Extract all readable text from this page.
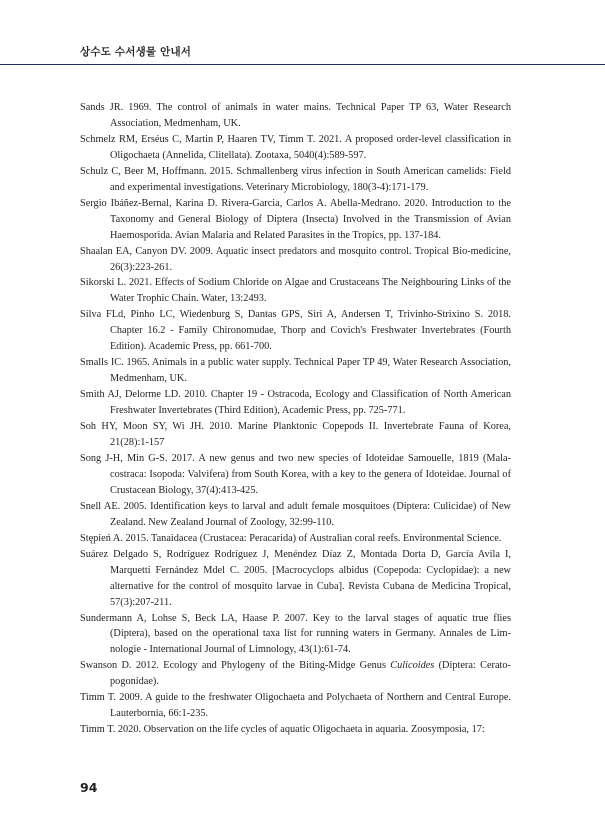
상수도 수서생물 안내서
Sands JR. 1969. The control of animals in water mains. Technical Paper TP 63, Water Research Association, Medmenham, UK.
Schmelz RM, Erséus C, Martin P, Haaren TV, Timm T. 2021. A proposed order-level classification in Oligochaeta (Annelida, Clitellata). Zootaxa, 5040(4):589-597.
Schulz C, Beer M, Hoffmann. 2015. Schmallenberg virus infection in South American camelids: Field and experimental investigations. Veterinary Microbiology, 180(3-4):171-179.
Sergio Ibáñez-Bernal, Karina D. Rivera-Garcia, Carlos A. Abella-Medrano. 2020. Introduction to the Taxonomy and General Biology of Diptera (Insecta) Involved in the Transmission of Avian Haemosporida. Avian Malaria and Related Parasites in the Tropics, pp. 137-184.
Shaalan EA, Canyon DV. 2009. Aquatic insect predators and mosquito control. Tropical Bio-medicine, 26(3):223-261.
Sikorski L. 2021. Effects of Sodium Chloride on Algae and Crustaceans The Neighbouring Links of the Water Trophic Chain. Water, 13:2493.
Silva FLd, Pinho LC, Wiedenburg S, Dantas GPS, Siri A, Andersen T, Trivinho-Strixino S. 2018. Chapter 16.2 - Family Chironomudae, Thorp and Covich's Freshwater Invertebrates (Fourth Edition). Academic Press, pp. 661-700.
Smalls IC. 1965. Animals in a public water supply. Technical Paper TP 49, Water Research Association, Medmenham, UK.
Smith AJ, Delorme LD. 2010. Chapter 19 - Ostracoda, Ecology and Classification of North American Freshwater Invertebrates (Third Edition), Academic Press, pp. 725-771.
Soh HY, Moon SY, Wi JH. 2010. Marine Planktonic Copepods II. Invertebrate Fauna of Korea, 21(28):1-157
Song J-H, Min G-S. 2017. A new genus and two new species of Idoteidae Samouelle, 1819 (Mala-costraca: Isopoda: Valvifera) from South Korea, with a key to the genera of Idoteidae. Journal of Crustacean Biology, 37(4):413-425.
Snell AE. 2005. Identification keys to larval and adult female mosquitoes (Diptera: Culicidae) of New Zealand. New Zealand Journal of Zoology, 32:99-110.
Stępień A. 2015. Tanaidacea (Crustacea: Peracarida) of Australian coral reefs. Environmental Science.
Suárez Delgado S, Rodríguez Rodríguez J, Menéndez Díaz Z, Montada Dorta D, García Avila I, Marquetti Fernández Mdel C. 2005. [Macrocyclops albidus (Copepoda: Cyclopidae): a new alternative for the control of mosquito larvae in Cuba]. Revista Cubana de Medicina Tropical, 57(3):207-211.
Sundermann A, Lohse S, Beck LA, Haase P. 2007. Key to the larval stages of aquatic true flies (Diptera), based on the operational taxa list for running waters in Germany. Annales de Lim-nologie - International Journal of Limnology, 43(1):61-74.
Swanson D. 2012. Ecology and Phylogeny of the Biting-Midge Genus Culicoides (Diptera: Cerato-pogonidae).
Timm T. 2009. A guide to the freshwater Oligochaeta and Polychaeta of Northern and Central Europe. Lauterbornia, 66:1-235.
Timm T. 2020. Observation on the life cycles of aquatic Oligochaeta in aquaria. Zoosymposia, 17:
94
